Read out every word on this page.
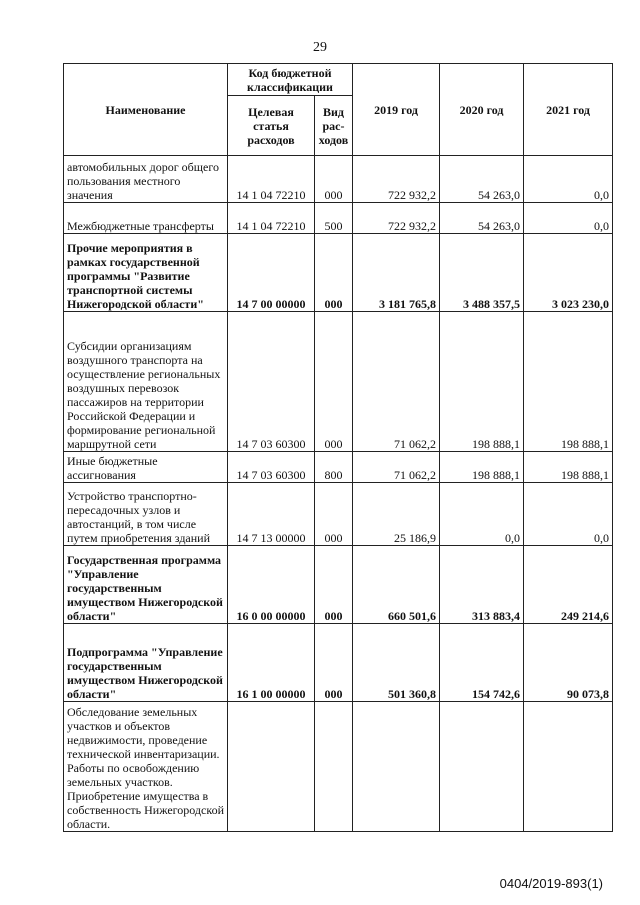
29
Наименование	Код бюджетной классификации		2019 год	2020 год	2021 год
	Целевая статья расходов	Вид рас- ходов			
автомобильных дорог общего пользования местного значения	14 1 04 72210	000	722 932,2	54 263,0	0,0
Межбюджетные трансферты	14 1 04 72210	500	722 932,2	54 263,0	0,0
Прочие мероприятия в рамках государственной программы "Развитие транспортной системы Нижегородской области"	14 7 00 00000	000	3 181 765,8	3 488 357,5	3 023 230,0
Субсидии организациям воздушного транспорта на осуществление региональных воздушных перевозок пассажиров на территории Российской Федерации и формирование региональной маршрутной сети	14 7 03 60300	000	71 062,2	198 888,1	198 888,1
Иные бюджетные ассигнования	14 7 03 60300	800	71 062,2	198 888,1	198 888,1
Устройство транспортно-пересадочных узлов и автостанций, в том числе путем приобретения зданий	14 7 13 00000	000	25 186,9	0,0	0,0
Государственная программа "Управление государственным имуществом Нижегородской области"	16 0 00 00000	000	660 501,6	313 883,4	249 214,6
Подпрограмма "Управление государственным имуществом Нижегородской области"	16 1 00 00000	000	501 360,8	154 742,6	90 073,8
Обследование земельных участков и объектов недвижимости, проведение технической инвентаризации. Работы по освобождению земельных участков. Приобретение имущества в собственность Нижегородской области.					
0404/2019-893(1)
